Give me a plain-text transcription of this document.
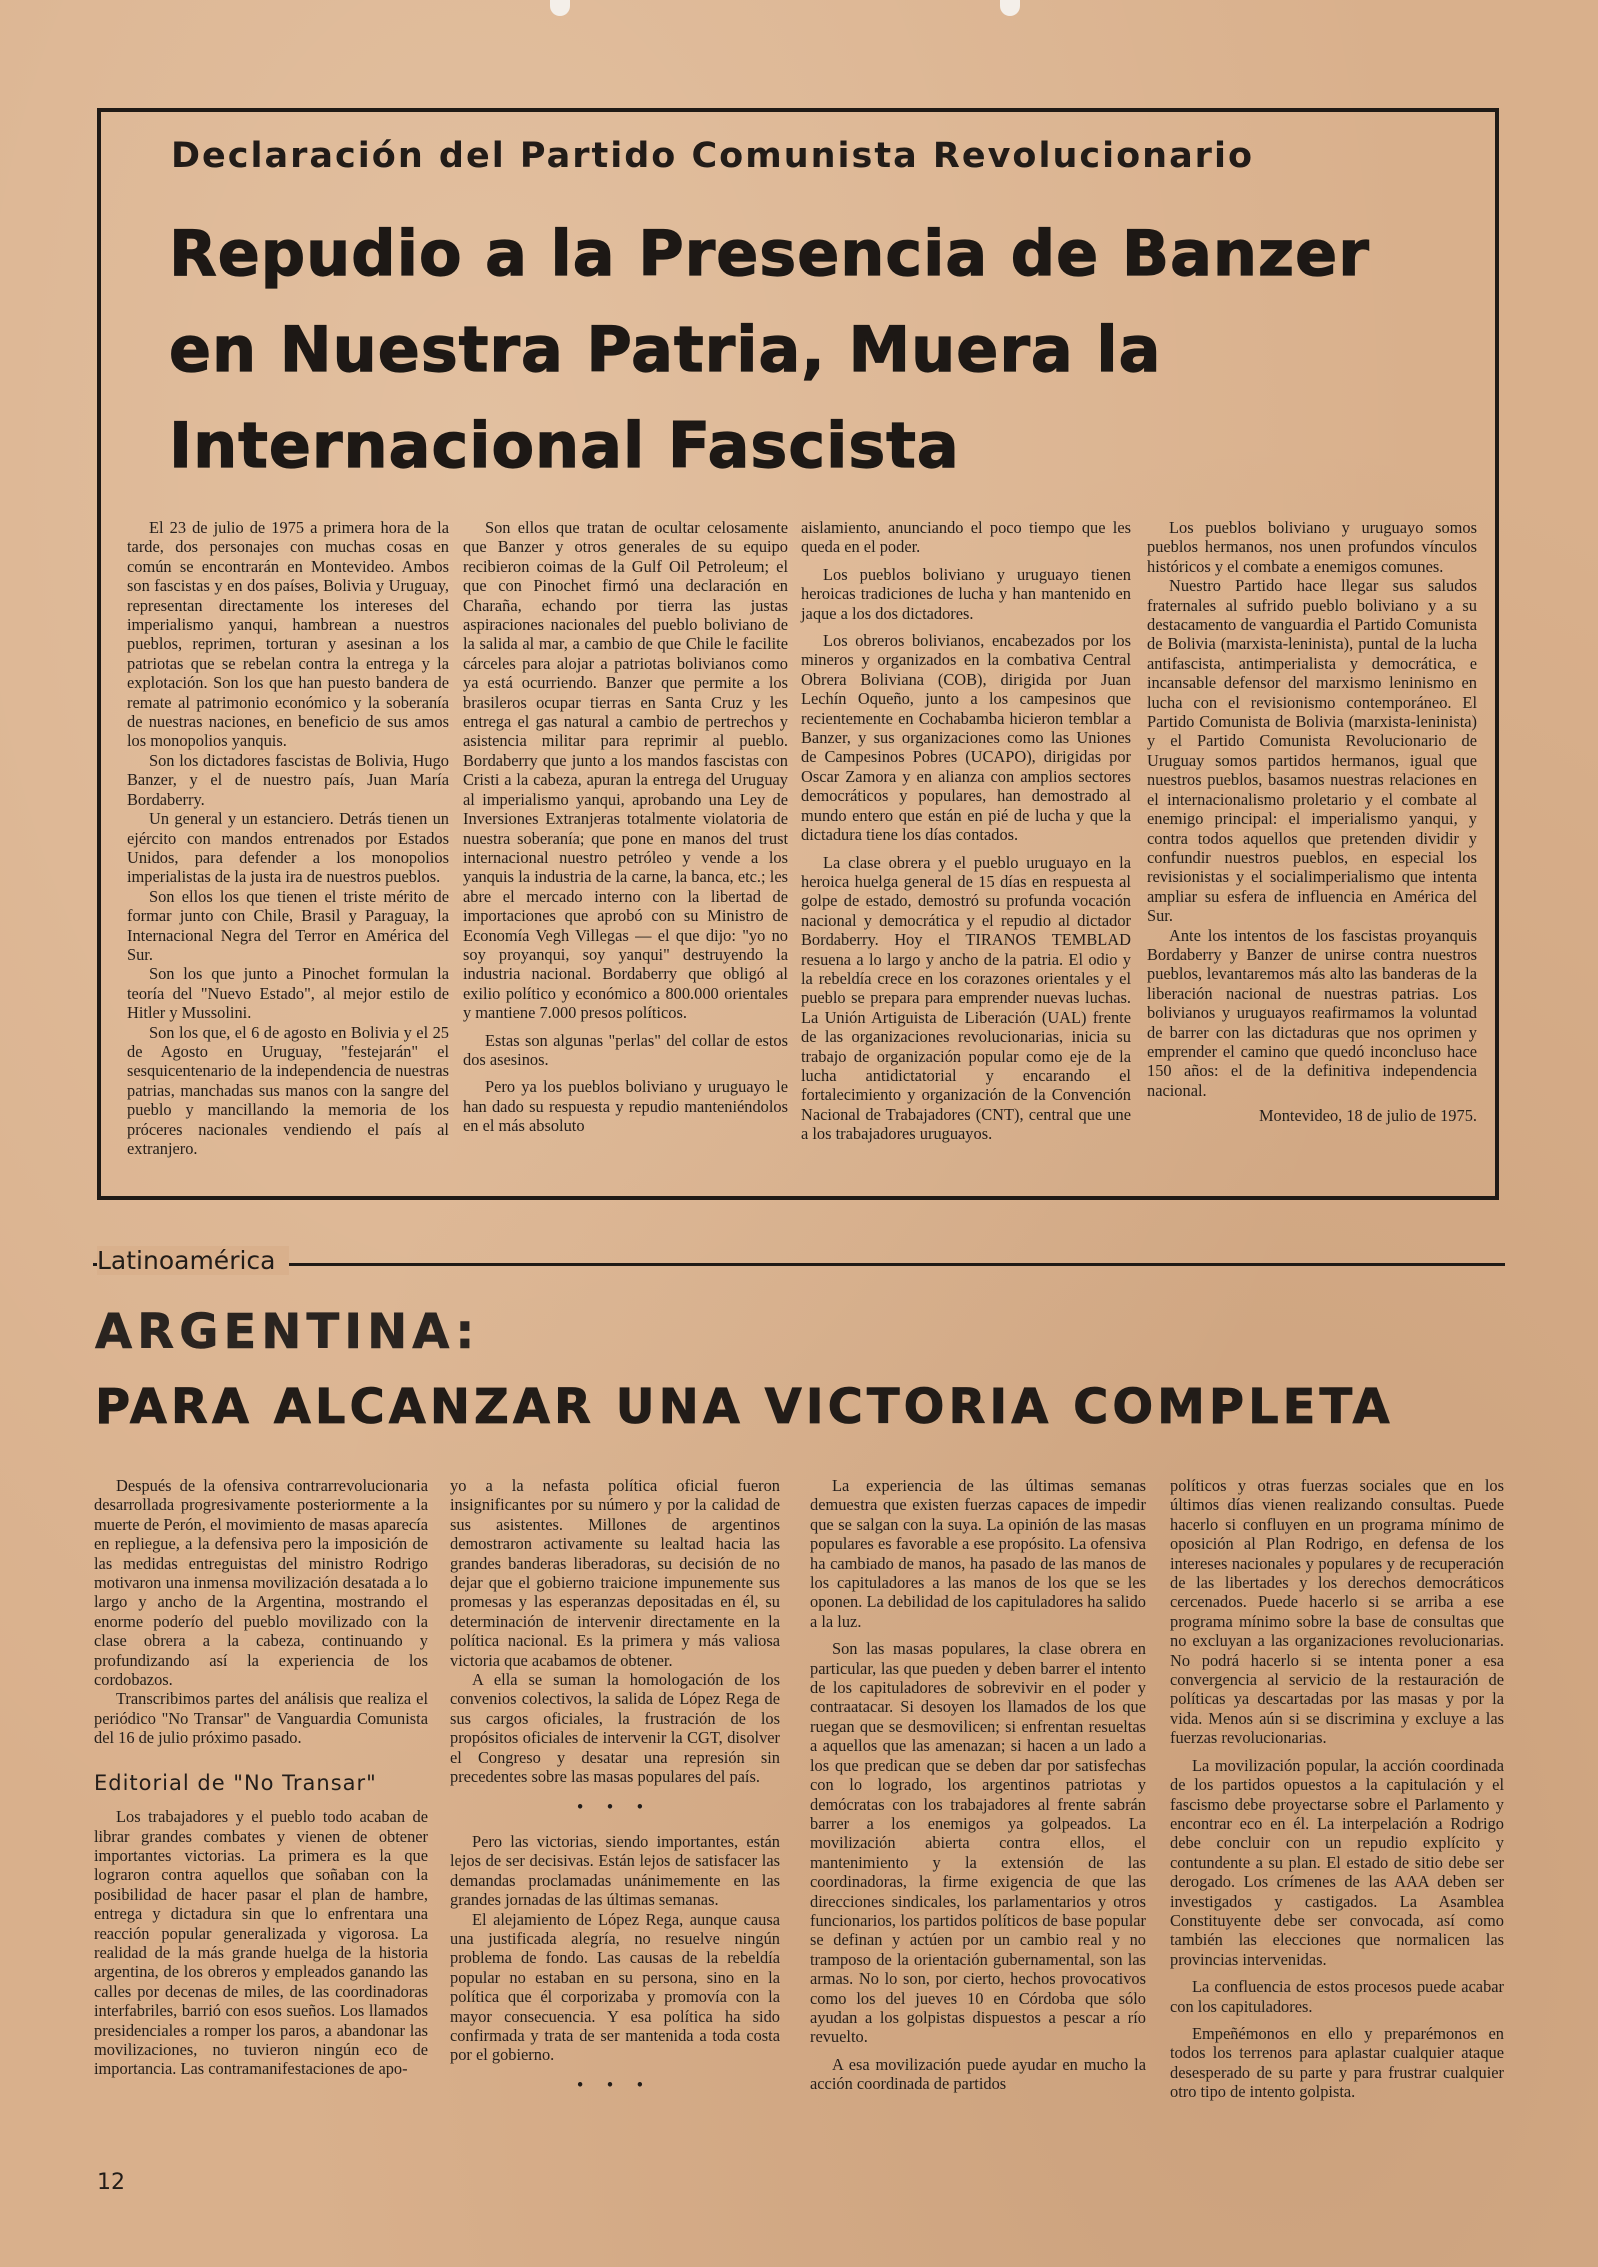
Declaración del Partido Comunista Revolucionario
Repudio a la Presencia de Banzer
en Nuestra Patria, Muera la
Internacional Fascista

El 23 de julio de 1975 a primera hora de la tarde, dos personajes con muchas cosas en común se encontrarán en Montevideo. Ambos son fascistas y en dos países, Bolivia y Uruguay, representan directamente los intereses del imperialismo yanqui, hambrean a nuestros pueblos, reprimen, torturan y asesinan a los patriotas que se rebelan contra la entrega y la explotación. Son los que han puesto bandera de remate al patrimonio económico y la soberanía de nuestras naciones, en beneficio de sus amos los monopolios yanquis.

Son los dictadores fascistas de Bolivia, Hugo Banzer, y el de nuestro país, Juan María Bordaberry.

Un general y un estanciero. Detrás tienen un ejército con mandos entrenados por Estados Unidos, para defender a los monopolios imperialistas de la justa ira de nuestros pueblos.

Son ellos los que tienen el triste mérito de formar junto con Chile, Brasil y Paraguay, la Internacional Negra del Terror en América del Sur.

Son los que junto a Pinochet formulan la teoría del "Nuevo Estado", al mejor estilo de Hitler y Mussolini.

Son los que, el 6 de agosto en Bolivia y el 25 de Agosto en Uruguay, "festejarán" el sesquicentenario de la independencia de nuestras patrias, manchadas sus manos con la sangre del pueblo y mancillando la memoria de los próceres nacionales vendiendo el país al extranjero.

Son ellos que tratan de ocultar celosamente que Banzer y otros generales de su equipo recibieron coimas de la Gulf Oil Petroleum; el que con Pinochet firmó una declaración en Charaña, echando por tierra las justas aspiraciones nacionales del pueblo boliviano de la salida al mar, a cambio de que Chile le facilite cárceles para alojar a patriotas bolivianos como ya está ocurriendo. Banzer que permite a los brasileros ocupar tierras en Santa Cruz y les entrega el gas natural a cambio de pertrechos y asistencia militar para reprimir al pueblo. Bordaberry que junto a los mandos fascistas con Cristi a la cabeza, apuran la entrega del Uruguay al imperialismo yanqui, aprobando una Ley de Inversiones Extranjeras totalmente violatoria de nuestra soberanía; que pone en manos del trust internacional nuestro petróleo y vende a los yanquis la industria de la carne, la banca, etc.; les abre el mercado interno con la libertad de importaciones que aprobó con su Ministro de Economía Vegh Villegas — el que dijo: "yo no soy proyanqui, soy yanqui" destruyendo la industria nacional. Bordaberry que obligó al exilio político y económico a 800.000 orientales y mantiene 7.000 presos políticos.

Estas son algunas "perlas" del collar de estos dos asesinos.

Pero ya los pueblos boliviano y uruguayo le han dado su respuesta y repudio manteniéndolos en el más absoluto

aislamiento, anunciando el poco tiempo que les queda en el poder.

Los pueblos boliviano y uruguayo tienen heroicas tradiciones de lucha y han mantenido en jaque a los dos dictadores.

Los obreros bolivianos, encabezados por los mineros y organizados en la combativa Central Obrera Boliviana (COB), dirigida por Juan Lechín Oqueño, junto a los campesinos que recientemente en Cochabamba hicieron temblar a Banzer, y sus organizaciones como las Uniones de Campesinos Pobres (UCAPO), dirigidas por Oscar Zamora y en alianza con amplios sectores democráticos y populares, han demostrado al mundo entero que están en pié de lucha y que la dictadura tiene los días contados.

La clase obrera y el pueblo uruguayo en la heroica huelga general de 15 días en respuesta al golpe de estado, demostró su profunda vocación nacional y democrática y el repudio al dictador Bordaberry. Hoy el TIRANOS TEMBLAD resuena a lo largo y ancho de la patria. El odio y la rebeldía crece en los corazones orientales y el pueblo se prepara para emprender nuevas luchas. La Unión Artiguista de Liberación (UAL) frente de las organizaciones revolucionarias, inicia su trabajo de organización popular como eje de la lucha antidictatorial y encarando el fortalecimiento y organización de la Convención Nacional de Trabajadores (CNT), central que une a los trabajadores uruguayos.

Los pueblos boliviano y uruguayo somos pueblos hermanos, nos unen profundos vínculos históricos y el combate a enemigos comunes.

Nuestro Partido hace llegar sus saludos fraternales al sufrido pueblo boliviano y a su destacamento de vanguardia el Partido Comunista de Bolivia (marxista-leninista), puntal de la lucha antifascista, antimperialista y democrática, e incansable defensor del marxismo leninismo en lucha con el revisionismo contemporáneo. El Partido Comunista de Bolivia (marxista-leninista) y el Partido Comunista Revolucionario de Uruguay somos partidos hermanos, igual que nuestros pueblos, basamos nuestras relaciones en el internacionalismo proletario y el combate al enemigo principal: el imperialismo yanqui, y contra todos aquellos que pretenden dividir y confundir nuestros pueblos, en especial los revisionistas y el socialimperialismo que intenta ampliar su esfera de influencia en América del Sur.

Ante los intentos de los fascistas proyanquis Bordaberry y Banzer de unirse contra nuestros pueblos, levantaremos más alto las banderas de la liberación nacional de nuestras patrias. Los bolivianos y uruguayos reafirmamos la voluntad de barrer con las dictaduras que nos oprimen y emprender el camino que quedó inconcluso hace 150 años: el de la definitiva independencia nacional.

Montevideo, 18 de julio de 1975.

Latinoamérica
ARGENTINA:
PARA ALCANZAR UNA VICTORIA COMPLETA

Después de la ofensiva contrarrevolucionaria desarrollada progresivamente posteriormente a la muerte de Perón, el movimiento de masas aparecía en repliegue, a la defensiva pero la imposición de las medidas entreguistas del ministro Rodrigo motivaron una inmensa movilización desatada a lo largo y ancho de la Argentina, mostrando el enorme poderío del pueblo movilizado con la clase obrera a la cabeza, continuando y profundizando así la experiencia de los cordobazos.

Transcribimos partes del análisis que realiza el periódico "No Transar" de Vanguardia Comunista del 16 de julio próximo pasado.

Editorial de "No Transar"

Los trabajadores y el pueblo todo acaban de librar grandes combates y vienen de obtener importantes victorias. La primera es la que lograron contra aquellos que soñaban con la posibilidad de hacer pasar el plan de hambre, entrega y dictadura sin que lo enfrentara una reacción popular generalizada y vigorosa. La realidad de la más grande huelga de la historia argentina, de los obreros y empleados ganando las calles por decenas de miles, de las coordinadoras interfabriles, barrió con esos sueños. Los llamados presidenciales a romper los paros, a abandonar las movilizaciones, no tuvieron ningún eco de importancia. Las contramanifestaciones de apo-

yo a la nefasta política oficial fueron insignificantes por su número y por la calidad de sus asistentes. Millones de argentinos demostraron activamente su lealtad hacia las grandes banderas liberadoras, su decisión de no dejar que el gobierno traicione impunemente sus promesas y las esperanzas depositadas en él, su determinación de intervenir directamente en la política nacional. Es la primera y más valiosa victoria que acabamos de obtener.

A ella se suman la homologación de los convenios colectivos, la salida de López Rega de sus cargos oficiales, la frustración de los propósitos oficiales de intervenir la CGT, disolver el Congreso y desatar una represión sin precedentes sobre las masas populares del país.

• • •

Pero las victorias, siendo importantes, están lejos de ser decisivas. Están lejos de satisfacer las demandas proclamadas unánimemente en las grandes jornadas de las últimas semanas.

El alejamiento de López Rega, aunque causa una justificada alegría, no resuelve ningún problema de fondo. Las causas de la rebeldía popular no estaban en su persona, sino en la política que él corporizaba y promovía con la mayor consecuencia. Y esa política ha sido confirmada y trata de ser mantenida a toda costa por el gobierno.

• • •

La experiencia de las últimas semanas demuestra que existen fuerzas capaces de impedir que se salgan con la suya. La opinión de las masas populares es favorable a ese propósito. La ofensiva ha cambiado de manos, ha pasado de las manos de los capituladores a las manos de los que se les oponen. La debilidad de los capituladores ha salido a la luz.

Son las masas populares, la clase obrera en particular, las que pueden y deben barrer el intento de los capituladores de sobrevivir en el poder y contraatacar. Si desoyen los llamados de los que ruegan que se desmovilicen; si enfrentan resueltas a aquellos que las amenazan; si hacen a un lado a los que predican que se deben dar por satisfechas con lo logrado, los argentinos patriotas y demócratas con los trabajadores al frente sabrán barrer a los enemigos ya golpeados. La movilización abierta contra ellos, el mantenimiento y la extensión de las coordinadoras, la firme exigencia de que las direcciones sindicales, los parlamentarios y otros funcionarios, los partidos políticos de base popular se definan y actúen por un cambio real y no tramposo de la orientación gubernamental, son las armas. No lo son, por cierto, hechos provocativos como los del jueves 10 en Córdoba que sólo ayudan a los golpistas dispuestos a pescar a río revuelto.

A esa movilización puede ayudar en mucho la acción coordinada de partidos

políticos y otras fuerzas sociales que en los últimos días vienen realizando consultas. Puede hacerlo si confluyen en un programa mínimo de oposición al Plan Rodrigo, en defensa de los intereses nacionales y populares y de recuperación de las libertades y los derechos democráticos cercenados. Puede hacerlo si se arriba a ese programa mínimo sobre la base de consultas que no excluyan a las organizaciones revolucionarias. No podrá hacerlo si se intenta poner a esa convergencia al servicio de la restauración de políticas ya descartadas por las masas y por la vida. Menos aún si se discrimina y excluye a las fuerzas revolucionarias.

La movilización popular, la acción coordinada de los partidos opuestos a la capitulación y el fascismo debe proyectarse sobre el Parlamento y encontrar eco en él. La interpelación a Rodrigo debe concluir con un repudio explícito y contundente a su plan. El estado de sitio debe ser derogado. Los crímenes de las AAA deben ser investigados y castigados. La Asamblea Constituyente debe ser convocada, así como también las elecciones que normalicen las provincias intervenidas.

La confluencia de estos procesos puede acabar con los capituladores.

Empeñémonos en ello y preparémonos en todos los terrenos para aplastar cualquier ataque desesperado de su parte y para frustrar cualquier otro tipo de intento golpista.

12
